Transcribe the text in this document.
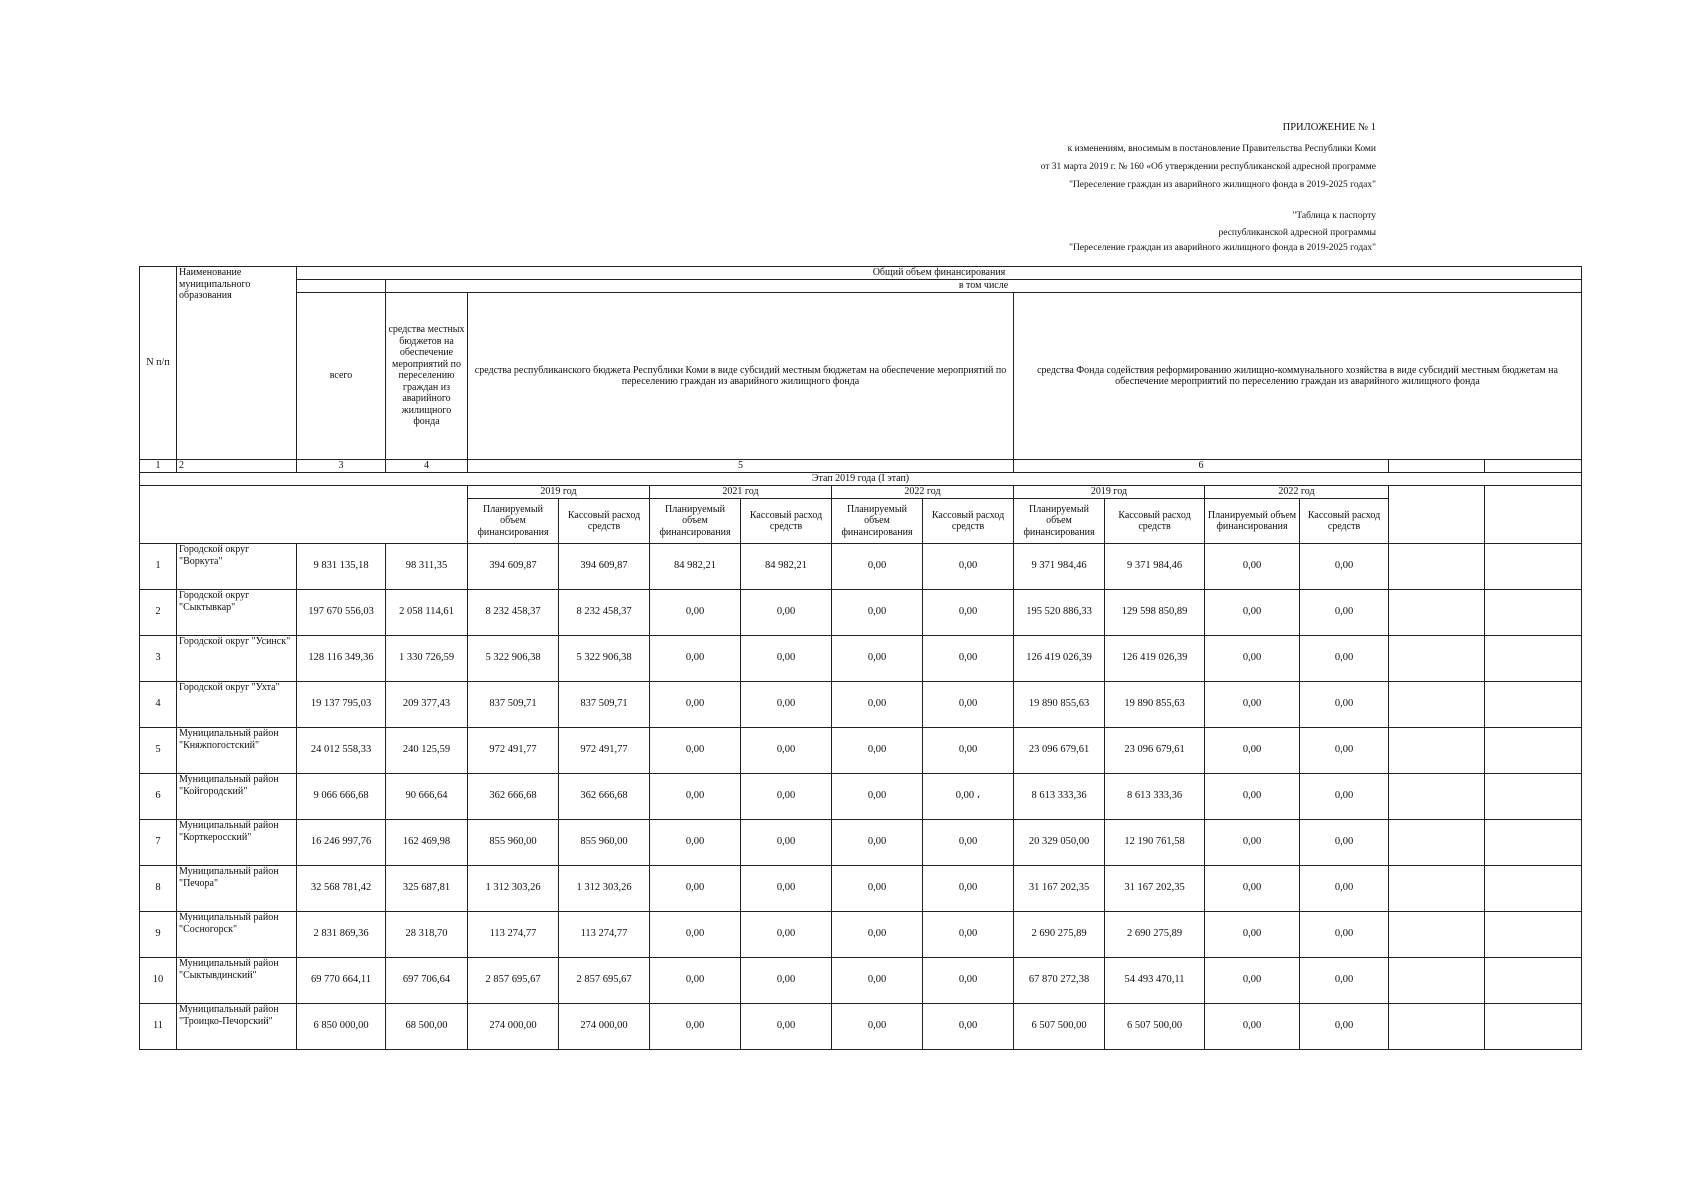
ПРИЛОЖЕНИЕ № 1
к изменениям, вносимым в постановление Правительства Республики Коми
от 31 марта 2019 г. № 160 «Об утверждении республиканской адресной программе
"Переселение граждан из аварийного жилищного фонда в 2019-2025 годах"
"Таблица к паспорту
республиканской адресной программы
"Переселение граждан из аварийного жилищного фонда в 2019-2025 годах"
N п/п	Наименование муниципального образования	Общий объем финансирования													
			в том числе												
		всего	средства местных бюджетов на обеспечение мероприятий по переселению граждан из аварийного жилищного фонда	средства республиканского бюджета Республики Коми в виде субсидий местным бюджетам на обеспечение мероприятий по переселению граждан из аварийного жилищного фонда						средства Фонда содействия реформированию жилищно-коммунального хозяйства в виде субсидий местным бюджетам на обеспечение мероприятий по переселению граждан из аварийного жилищного фонда					
1	2	3	4	5						6					
Этап 2019 года (I этап)															
				2019 год		2021 год		2022 год		2019 год		2022 год			
				Планируемый объем финансирования	Кассовый расход средств	Планируемый объем финансирования	Кассовый расход средств	Планируемый объем финансирования	Кассовый расход средств	Планируемый объем финансирования	Кассовый расход средств	Планируемый объем финансирования	Кассовый расход средств		
1	Городской округ "Воркута"	9 831 135,18	98 311,35	394 609,87	394 609,87	84 982,21	84 982,21	0,00	0,00	9 371 984,46	9 371 984,46	0,00	0,00		
2	Городской округ "Сыктывкар"	197 670 556,03	2 058 114,61	8 232 458,37	8 232 458,37	0,00	0,00	0,00	0,00	195 520 886,33	129 598 850,89	0,00	0,00		
3	Городской округ "Усинск"	128 116 349,36	1 330 726,59	5 322 906,38	5 322 906,38	0,00	0,00	0,00	0,00	126 419 026,39	126 419 026,39	0,00	0,00		
4	Городской округ "Ухта"	19 137 795,03	209 377,43	837 509,71	837 509,71	0,00	0,00	0,00	0,00	19 890 855,63	19 890 855,63	0,00	0,00		
5	Муниципальный район "Княжпогостский"	24 012 558,33	240 125,59	972 491,77	972 491,77	0,00	0,00	0,00	0,00	23 096 679,61	23 096 679,61	0,00	0,00		
6	Муниципальный район "Койгородский"	9 066 666,68	90 666,64	362 666,68	362 666,68	0,00	0,00	0,00	0,00 ،	8 613 333,36	8 613 333,36	0,00	0,00		
7	Муниципальный район "Корткеросский"	16 246 997,76	162 469,98	855 960,00	855 960,00	0,00	0,00	0,00	0,00	20 329 050,00	12 190 761,58	0,00	0,00		
8	Муниципальный район "Печора"	32 568 781,42	325 687,81	1 312 303,26	1 312 303,26	0,00	0,00	0,00	0,00	31 167 202,35	31 167 202,35	0,00	0,00		
9	Муниципальный район "Сосногорск"	2 831 869,36	28 318,70	113 274,77	113 274,77	0,00	0,00	0,00	0,00	2 690 275,89	2 690 275,89	0,00	0,00		
10	Муниципальный район "Сыктывдинский"	69 770 664,11	697 706,64	2 857 695,67	2 857 695,67	0,00	0,00	0,00	0,00	67 870 272,38	54 493 470,11	0,00	0,00		
11	Муниципальный район "Троицко-Печорский"	6 850 000,00	68 500,00	274 000,00	274 000,00	0,00	0,00	0,00	0,00	6 507 500,00	6 507 500,00	0,00	0,00		
